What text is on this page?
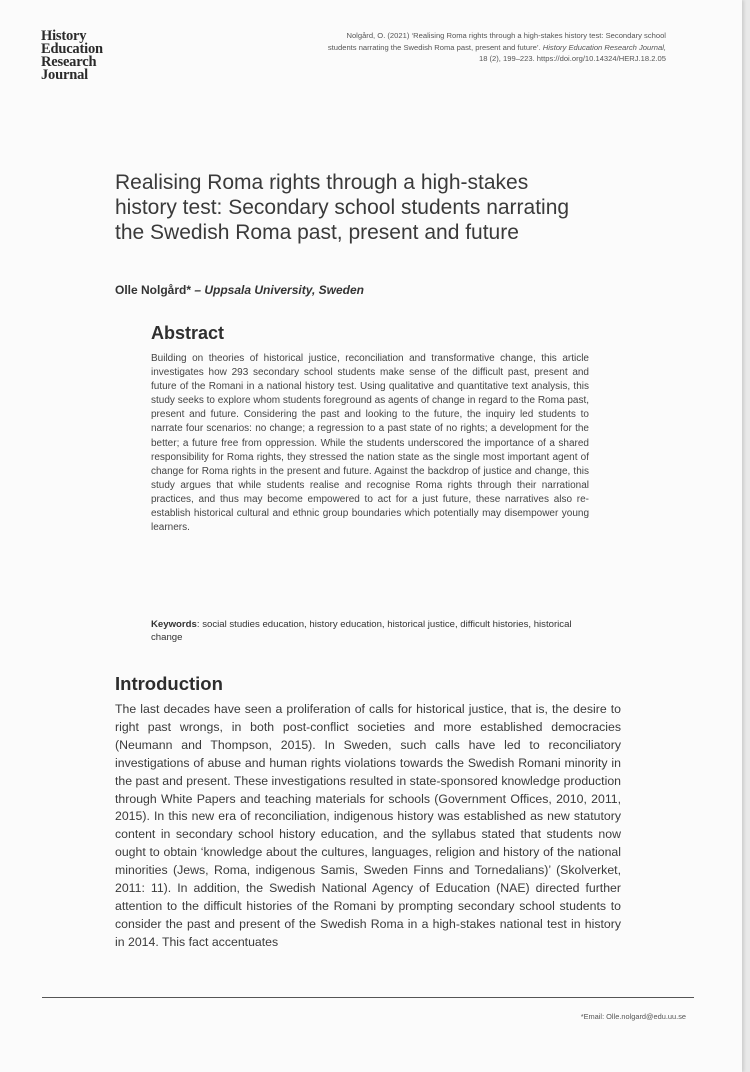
History
Education
Research
Journal
Nolgård, O. (2021) ‘Realising Roma rights through a high-stakes history test: Secondary school students narrating the Swedish Roma past, present and future’. History Education Research Journal, 18 (2), 199–223. https://doi.org/10.14324/HERJ.18.2.05
Realising Roma rights through a high-stakes history test: Secondary school students narrating the Swedish Roma past, present and future
Olle Nolgård* – Uppsala University, Sweden
Abstract

Building on theories of historical justice, reconciliation and transformative change, this article investigates how 293 secondary school students make sense of the difficult past, present and future of the Romani in a national history test. Using qualitative and quantitative text analysis, this study seeks to explore whom students foreground as agents of change in regard to the Roma past, present and future. Considering the past and looking to the future, the inquiry led students to narrate four scenarios: no change; a regression to a past state of no rights; a development for the better; a future free from oppression. While the students underscored the importance of a shared responsibility for Roma rights, they stressed the nation state as the single most important agent of change for Roma rights in the present and future. Against the backdrop of justice and change, this study argues that while students realise and recognise Roma rights through their narrational practices, and thus may become empowered to act for a just future, these narratives also re-establish historical cultural and ethnic group boundaries which potentially may disempower young learners.

Keywords: social studies education, history education, historical justice, difficult histories, historical change
Introduction

The last decades have seen a proliferation of calls for historical justice, that is, the desire to right past wrongs, in both post-conflict societies and more established democracies (Neumann and Thompson, 2015). In Sweden, such calls have led to reconciliatory investigations of abuse and human rights violations towards the Swedish Romani minority in the past and present. These investigations resulted in state-sponsored knowledge production through White Papers and teaching materials for schools (Government Offices, 2010, 2011, 2015). In this new era of reconciliation, indigenous history was established as new statutory content in secondary school history education, and the syllabus stated that students now ought to obtain ‘knowledge about the cultures, languages, religion and history of the national minorities (Jews, Roma, indigenous Samis, Sweden Finns and Tornedalians)’ (Skolverket, 2011: 11). In addition, the Swedish National Agency of Education (NAE) directed further attention to the difficult histories of the Romani by prompting secondary school students to consider the past and present of the Swedish Roma in a high-stakes national test in history in 2014. This fact accentuates

*Email: Olle.nolgard@edu.uu.se
